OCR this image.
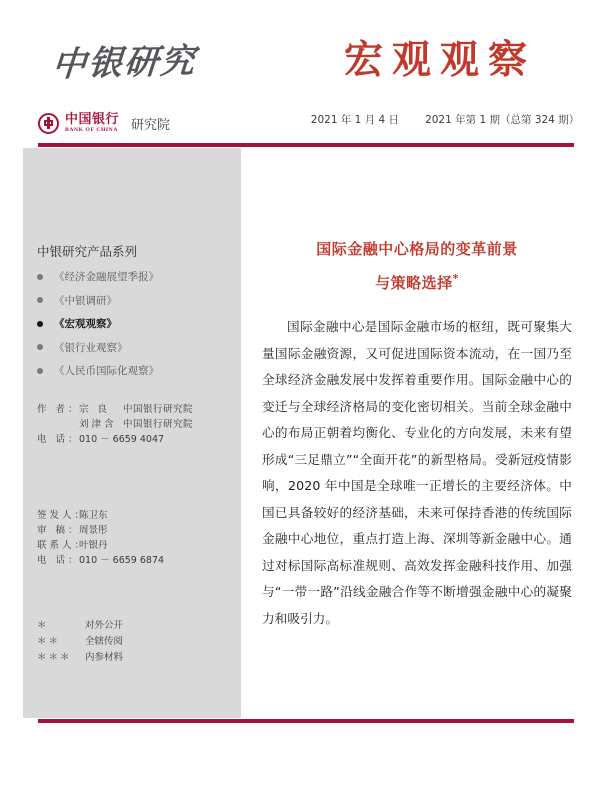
中银研究	宏观观察
中国银行
BANK OF CHINA 研究院	2021 年 1 月 4 日 2021 年第 1 期（总第 324 期）
中银研究产品系列
《经济金融展望季报》
《中银调研》
《宏观观察》
《银行业观察》
《人民币国际化观察》
作 者：
宗 良 中国银行研究院
刘津含 中国银行研究院
电 话：
010 － 6659 4047
签发人：
陈卫东
审 稿：
周景彤
联系人：
叶银丹
电 话：
010 － 6659 6874
＊	对外公开
＊＊	全辖传阅
＊＊＊	内参材料
国际金融中心格局的变革前景
与策略选择*
国际金融中心是国际金融市场的枢纽，既可聚集大量国际金融资源，又可促进国际资本流动，在一国乃至全球经济金融发展中发挥着重要作用。国际金融中心的变迁与全球经济格局的变化密切相关。当前全球金融中心的布局正朝着均衡化、专业化的方向发展，未来有望形成“三足鼎立”“全面开花”的新型格局。受新冠疫情影响，2020 年中国是全球唯一正增长的主要经济体。中国已具备较好的经济基础，未来可保持香港的传统国际金融中心地位，重点打造上海、深圳等新金融中心。通过对标国际高标准规则、高效发挥金融科技作用、加强与“一带一路”沿线金融合作等不断增强金融中心的凝聚力和吸引力。
